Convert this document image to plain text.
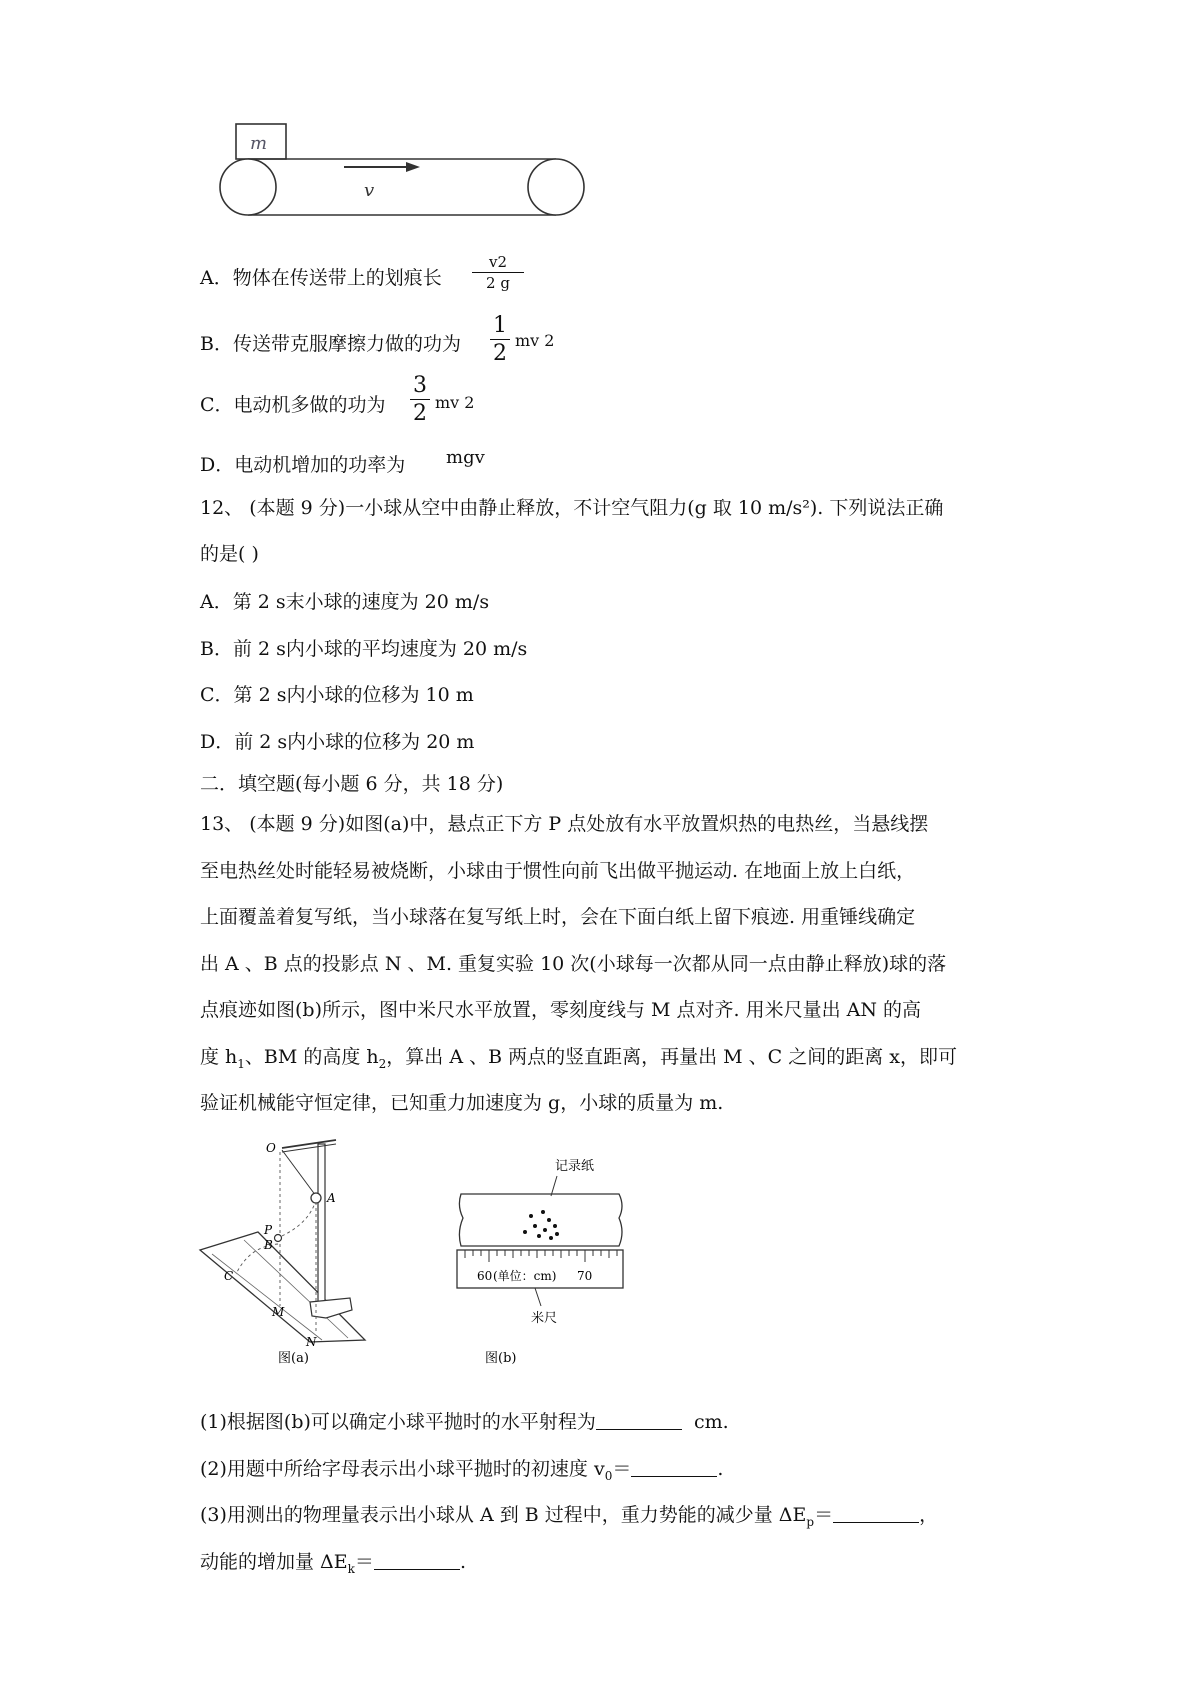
m
v
A．物体在传送带上的划痕长
v2
2 g
B．传送带克服摩擦力做的功为
1
2
mv 2
C．电动机多做的功为
3
2 mv 2
D．电动机增加的功率为 mgv
12、 (本题 9 分)一小球从空中由静止释放，不计空气阻力(g 取 10 m/s²). 下列说法正确
的是( )
A．第 2 s末小球的速度为 20 m/s
B．前 2 s内小球的平均速度为 20 m/s
C．第 2 s内小球的位移为 10 m
D．前 2 s内小球的位移为 20 m
二．填空题(每小题 6 分，共 18 分)
13、 (本题 9 分)如图(a)中，悬点正下方 P 点处放有水平放置炽热的电热丝，当悬线摆
至电热丝处时能轻易被烧断，小球由于惯性向前飞出做平抛运动. 在地面上放上白纸，
上面覆盖着复写纸，当小球落在复写纸上时，会在下面白纸上留下痕迹. 用重锤线确定
出 A 、B 点的投影点 N 、M. 重复实验 10 次(小球每一次都从同一点由静止释放)球的落
点痕迹如图(b)所示，图中米尺水平放置，零刻度线与 M 点对齐. 用米尺量出 AN 的高
度 $h_1$、BM 的高度 $h_2$，算出 A 、B 两点的竖直距离，再量出 M 、C 之间的距离 x，即可
验证机械能守恒定律，已知重力加速度为 g，小球的质量为 m.
O
A
P
B
C
M
N
图(a)
记录纸
60 (单位：cm) 70
米尺
图(b)
(1)根据图(b)可以确定小球平抛时的水平射程为	cm.
(2)用题中所给字母表示出小球平抛时的初速度 $v_0=$	.
(3)用测出的物理量表示出小球从 A 到 B 过程中，重力势能的减少量 $\Delta E_p=$	，
动能的增加量 $\Delta E_k=$	.
